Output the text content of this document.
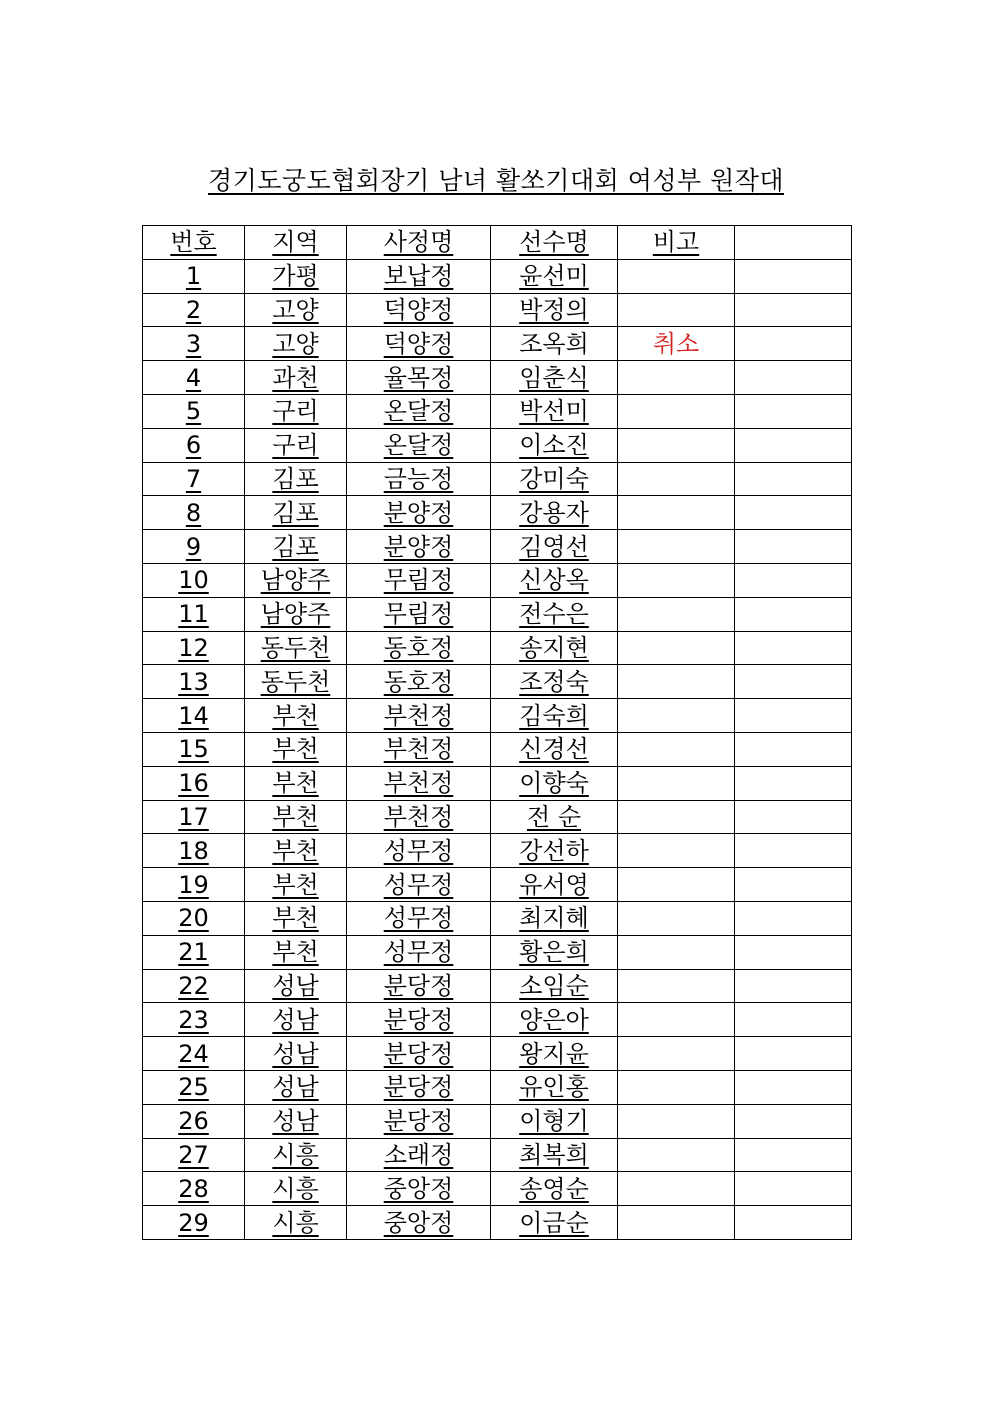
경기도궁도협회장기 남녀 활쏘기대회 여성부 원작대
번호	지역	사정명	선수명	비고	
1	가평	보납정	윤선미		
2	고양	덕양정	박정의		
3	고양	덕양정	조옥희	취소	
4	과천	율목정	임춘식		
5	구리	온달정	박선미		
6	구리	온달정	이소진		
7	김포	금능정	강미숙		
8	김포	분양정	강용자		
9	김포	분양정	김영선		
10	남양주	무림정	신상옥		
11	남양주	무림정	전수은		
12	동두천	동호정	송지현		
13	동두천	동호정	조정숙		
14	부천	부천정	김숙희		
15	부천	부천정	신경선		
16	부천	부천정	이향숙		
17	부천	부천정	전 순		
18	부천	성무정	강선하		
19	부천	성무정	유서영		
20	부천	성무정	최지혜		
21	부천	성무정	황은희		
22	성남	분당정	소임순		
23	성남	분당정	양은아		
24	성남	분당정	왕지윤		
25	성남	분당정	유인홍		
26	성남	분당정	이형기		
27	시흥	소래정	최복희		
28	시흥	중앙정	송영순		
29	시흥	중앙정	이금순		
